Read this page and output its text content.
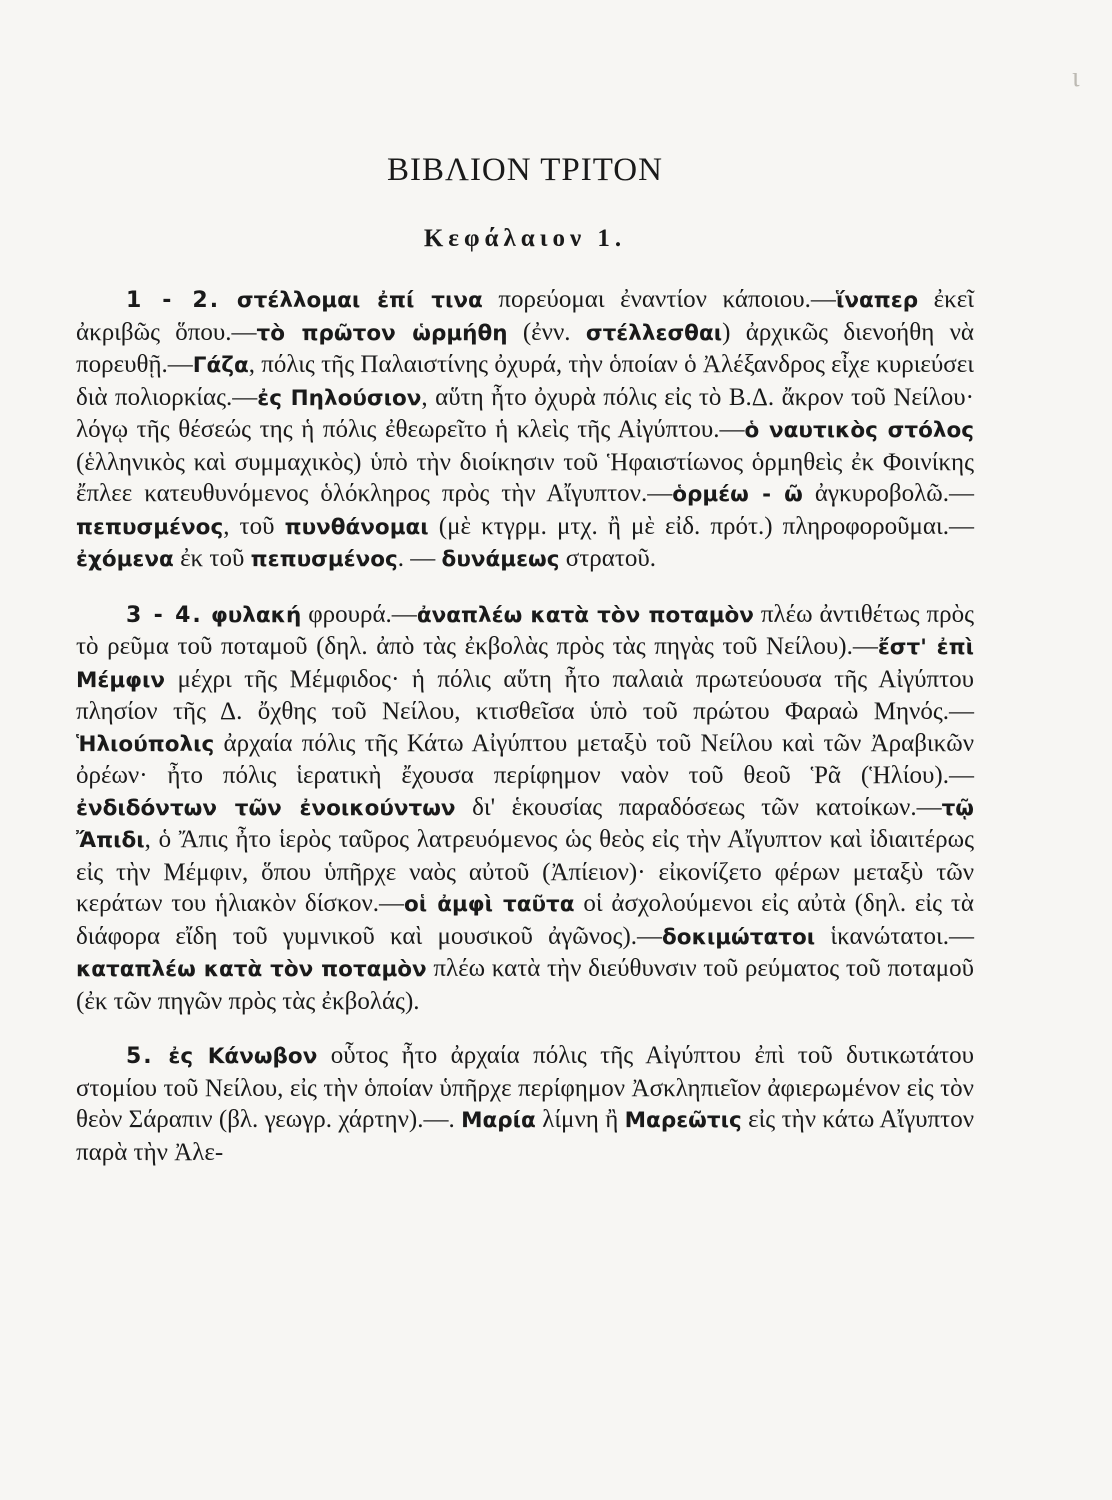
ι
ΒΙΒΛΙΟΝ ΤΡΙΤΟΝ
Κεφάλαιον 1.

1 - 2. στέλλομαι ἐπί τινα πορεύομαι ἐναντίον κάποιου.—ἵναπερ ἐκεῖ ἀκριβῶς ὅπου.—τὸ πρῶτον ὡρμήθη (ἐνν. στέλλεσθαι) ἀρχικῶς διενοήθη νὰ πορευθῇ.—Γάζα, πόλις τῆς Παλαιστίνης ὀχυρά, τὴν ὁποίαν ὁ Ἀλέξανδρος εἶχε κυριεύσει διὰ πολιορκίας.—ἐς Πηλούσιον, αὕτη ἦτο ὀχυρὰ πόλις εἰς τὸ Β.Δ. ἄκρον τοῦ Νείλου· λόγῳ τῆς θέσεώς της ἡ πόλις ἐθεωρεῖτο ἡ κλεὶς τῆς Αἰγύπτου.—ὁ ναυτικὸς στόλος (ἑλληνικὸς καὶ συμμαχικὸς) ὑπὸ τὴν διοίκησιν τοῦ Ἡφαιστίωνος ὁρμηθεὶς ἐκ Φοινίκης ἔπλεε κατευθυνόμενος ὁλόκληρος πρὸς τὴν Αἴγυπτον.—ὁρμέω - ῶ ἀγκυροβολῶ.—πεπυσμένος, τοῦ πυνθάνομαι (μὲ κτγρμ. μτχ. ἢ μὲ εἰδ. πρότ.) πληροφοροῦμαι.—ἐχόμενα ἐκ τοῦ πεπυσμένος. — δυνάμεως στρατοῦ.

3 - 4. φυλακή φρουρά.—ἀναπλέω κατὰ τὸν ποταμὸν πλέω ἀντιθέτως πρὸς τὸ ρεῦμα τοῦ ποταμοῦ (δηλ. ἀπὸ τὰς ἐκβολὰς πρὸς τὰς πηγὰς τοῦ Νείλου).—ἔστ' ἐπὶ Μέμφιν μέχρι τῆς Μέμφιδος· ἡ πόλις αὕτη ἦτο παλαιὰ πρωτεύουσα τῆς Αἰγύπτου πλησίον τῆς Δ. ὄχθης τοῦ Νείλου, κτισθεῖσα ὑπὸ τοῦ πρώτου Φαραὼ Μηνός.—Ἡλιούπολις ἀρχαία πόλις τῆς Κάτω Αἰγύπτου μεταξὺ τοῦ Νείλου καὶ τῶν Ἀραβικῶν ὀρέων· ἦτο πόλις ἱερατικὴ ἔχουσα περίφημον ναὸν τοῦ θεοῦ Ῥᾶ (Ἡλίου).—ἐνδιδόντων τῶν ἐνοικούντων δι' ἑκουσίας παραδόσεως τῶν κατοίκων.—τῷ Ἄπιδι, ὁ Ἄπις ἦτο ἱερὸς ταῦρος λατρευόμενος ὡς θεὸς εἰς τὴν Αἴγυπτον καὶ ἰδιαιτέρως εἰς τὴν Μέμφιν, ὅπου ὑπῆρχε ναὸς αὐτοῦ (Ἀπίειον)· εἰκονίζετο φέρων μεταξὺ τῶν κεράτων του ἡλιακὸν δίσκον.—οἱ ἀμφὶ ταῦτα οἱ ἀσχολούμενοι εἰς αὐτὰ (δηλ. εἰς τὰ διάφορα εἴδη τοῦ γυμνικοῦ καὶ μουσικοῦ ἀγῶνος).—δοκιμώτατοι ἱκανώτατοι.—καταπλέω κατὰ τὸν ποταμὸν πλέω κατὰ τὴν διεύθυνσιν τοῦ ρεύματος τοῦ ποταμοῦ (ἐκ τῶν πηγῶν πρὸς τὰς ἐκβολάς).

5. ἐς Κάνωβον οὗτος ἦτο ἀρχαία πόλις τῆς Αἰγύπτου ἐπὶ τοῦ δυτικωτάτου στομίου τοῦ Νείλου, εἰς τὴν ὁποίαν ὑπῆρχε περίφημον Ἀσκληπιεῖον ἀφιερωμένον εἰς τὸν θεὸν Σάραπιν (βλ. γεωγρ. χάρτην).—. Μαρία λίμνη ἢ Μαρεῶτις εἰς τὴν κάτω Αἴγυπτον παρὰ τὴν Ἀλε-
